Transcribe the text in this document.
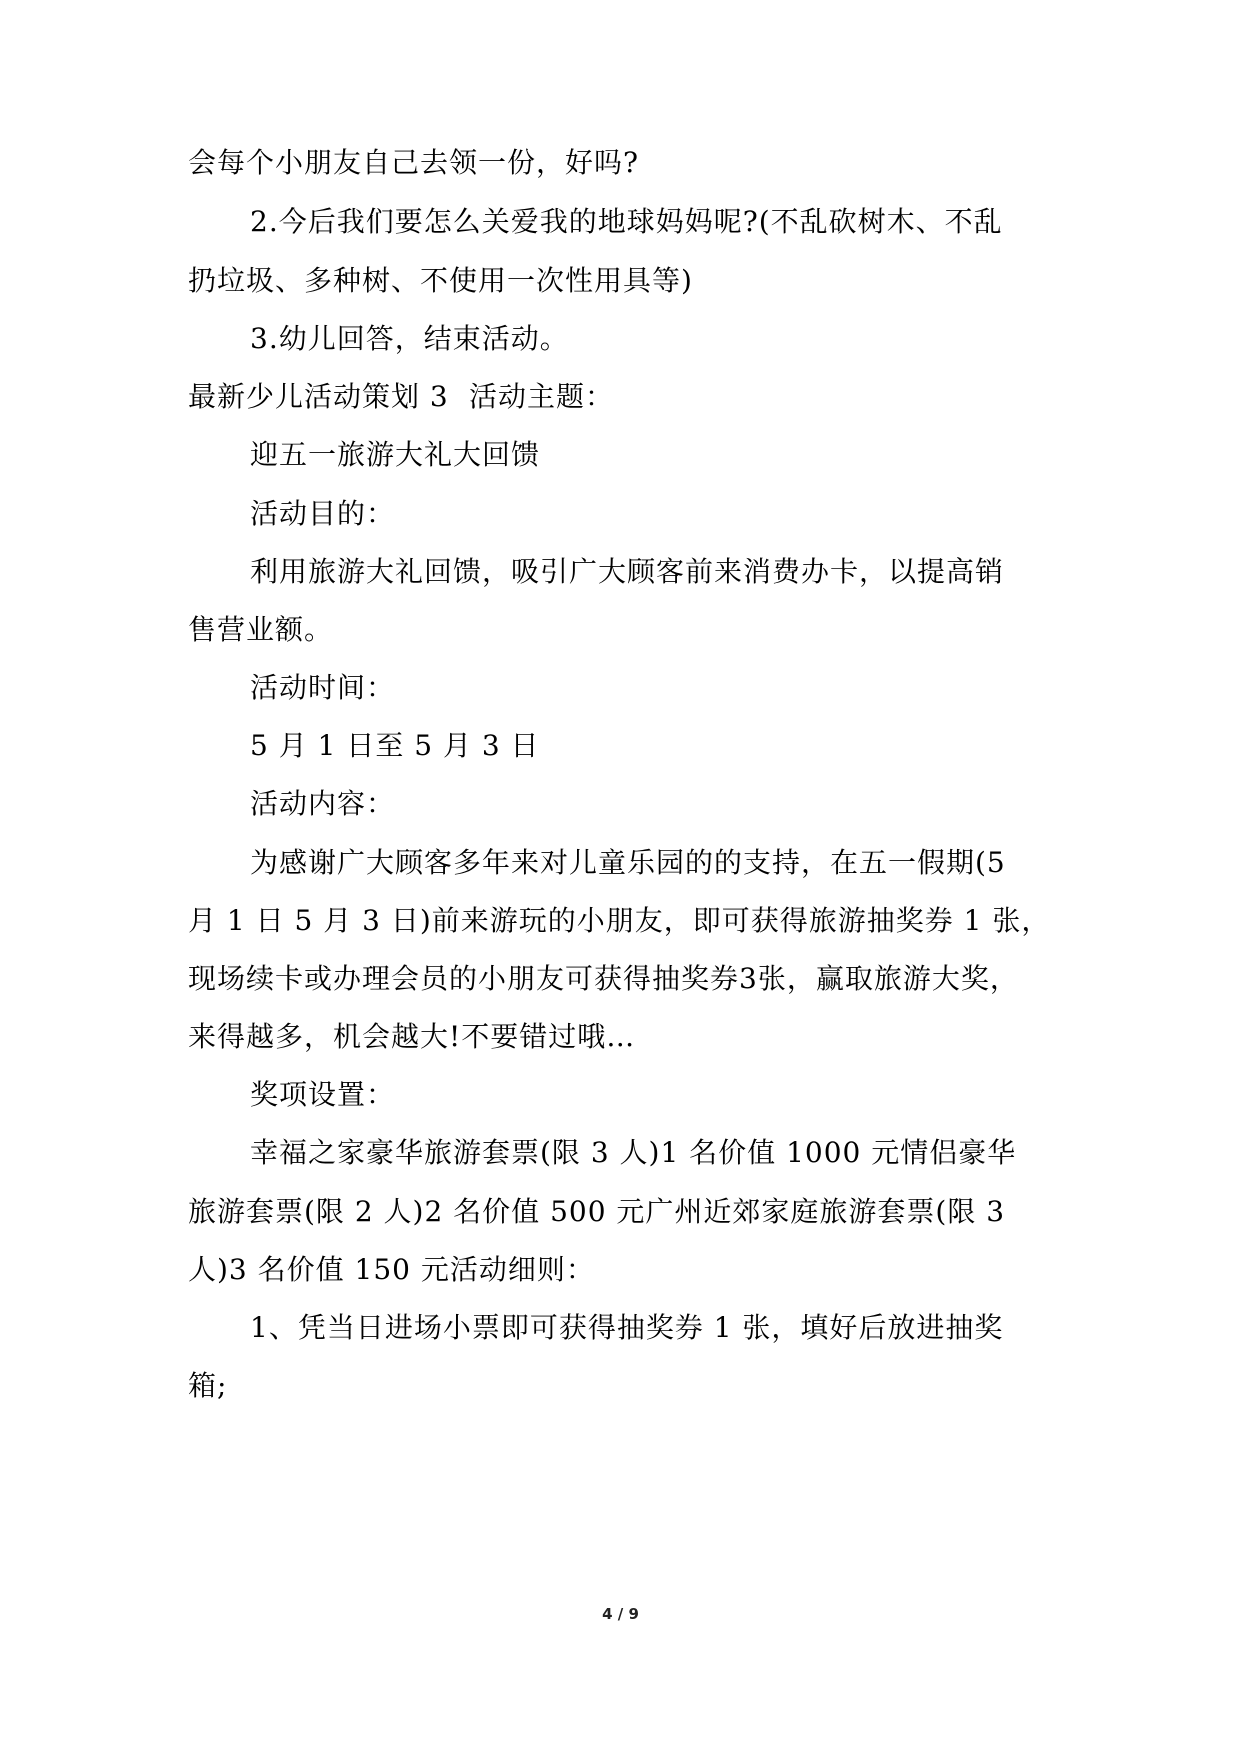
会每个小朋友自己去领一份，好吗?
2.今后我们要怎么关爱我的地球妈妈呢?(不乱砍树木、不乱
扔垃圾、多种树、不使用一次性用具等)
3.幼儿回答，结束活动。
最新少儿活动策划 3 活动主题：
迎五一旅游大礼大回馈
活动目的：
利用旅游大礼回馈，吸引广大顾客前来消费办卡，以提高销
售营业额。
活动时间：
5 月 1 日至 5 月 3 日
活动内容：
为感谢广大顾客多年来对儿童乐园的的支持，在五一假期(5
月 1 日 5 月 3 日)前来游玩的小朋友，即可获得旅游抽奖券 1 张，
现场续卡或办理会员的小朋友可获得抽奖券3张，赢取旅游大奖，
来得越多，机会越大!不要错过哦…
奖项设置：
幸福之家豪华旅游套票(限 3 人)1 名价值 1000 元情侣豪华
旅游套票(限 2 人)2 名价值 500 元广州近郊家庭旅游套票(限 3
人)3 名价值 150 元活动细则：
1、凭当日进场小票即可获得抽奖券 1 张，填好后放进抽奖
箱;
4 / 9
